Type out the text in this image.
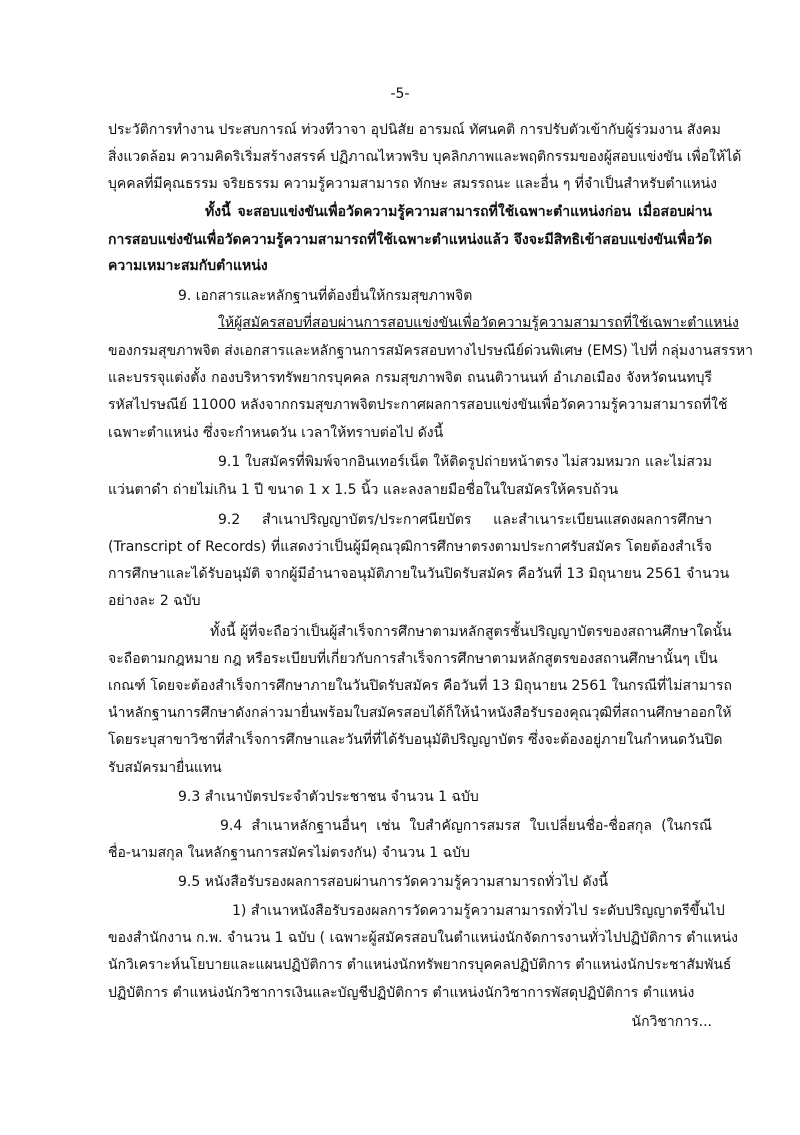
-5-
ประวัติการทำงาน ประสบการณ์ ท่วงทีวาจา อุปนิสัย อารมณ์ ทัศนคติ การปรับตัวเข้ากับผู้ร่วมงาน สังคม
สิ่งแวดล้อม ความคิดริเริ่มสร้างสรรค์ ปฏิภาณไหวพริบ บุคลิกภาพและพฤติกรรมของผู้สอบแข่งขัน เพื่อให้ได้
บุคคลที่มีคุณธรรม จริยธรรม ความรู้ความสามารถ ทักษะ สมรรถนะ และอื่น ๆ ที่จำเป็นสำหรับตำแหน่ง
ทั้งนี้ จะสอบแข่งขันเพื่อวัดความรู้ความสามารถที่ใช้เฉพาะตำแหน่งก่อน เมื่อสอบผ่าน
การสอบแข่งขันเพื่อวัดความรู้ความสามารถที่ใช้เฉพาะตำแหน่งแล้ว จึงจะมีสิทธิเข้าสอบแข่งขันเพื่อวัด
ความเหมาะสมกับตำแหน่ง
9. เอกสารและหลักฐานที่ต้องยื่นให้กรมสุขภาพจิต
ให้ผู้สมัครสอบที่สอบผ่านการสอบแข่งขันเพื่อวัดความรู้ความสามารถที่ใช้เฉพาะตำแหน่ง
ของกรมสุขภาพจิต ส่งเอกสารและหลักฐานการสมัครสอบทางไปรษณีย์ด่วนพิเศษ (EMS) ไปที่ กลุ่มงานสรรหา
และบรรจุแต่งตั้ง กองบริหารทรัพยากรบุคคล กรมสุขภาพจิต ถนนติวานนท์ อำเภอเมือง จังหวัดนนทบุรี
รหัสไปรษณีย์ 11000 หลังจากกรมสุขภาพจิตประกาศผลการสอบแข่งขันเพื่อวัดความรู้ความสามารถที่ใช้
เฉพาะตำแหน่ง ซึ่งจะกำหนดวัน เวลาให้ทราบต่อไป ดังนี้
9.1 ใบสมัครที่พิมพ์จากอินเทอร์เน็ต ให้ติดรูปถ่ายหน้าตรง ไม่สวมหมวก และไม่สวม
แว่นตาดำ ถ่ายไม่เกิน 1 ปี ขนาด 1 x 1.5 นิ้ว และลงลายมือชื่อในใบสมัครให้ครบถ้วน
9.2 สำเนาปริญญาบัตร/ประกาศนียบัตร และสำเนาระเบียนแสดงผลการศึกษา
(Transcript of Records) ที่แสดงว่าเป็นผู้มีคุณวุฒิการศึกษาตรงตามประกาศรับสมัคร โดยต้องสำเร็จ
การศึกษาและได้รับอนุมัติ จากผู้มีอำนาจอนุมัติภายในวันปิดรับสมัคร คือวันที่ 13 มิถุนายน 2561 จำนวน
อย่างละ 2 ฉบับ
ทั้งนี้ ผู้ที่จะถือว่าเป็นผู้สำเร็จการศึกษาตามหลักสูตรชั้นปริญญาบัตรของสถานศึกษาใดนั้น
จะถือตามกฎหมาย กฎ หรือระเบียบที่เกี่ยวกับการสำเร็จการศึกษาตามหลักสูตรของสถานศึกษานั้นๆ เป็น
เกณฑ์ โดยจะต้องสำเร็จการศึกษาภายในวันปิดรับสมัคร คือวันที่ 13 มิถุนายน 2561 ในกรณีที่ไม่สามารถ
นำหลักฐานการศึกษาดังกล่าวมายื่นพร้อมใบสมัครสอบได้ก็ให้นำหนังสือรับรองคุณวุฒิที่สถานศึกษาออกให้
โดยระบุสาขาวิชาที่สำเร็จการศึกษาและวันที่ที่ได้รับอนุมัติปริญญาบัตร ซึ่งจะต้องอยู่ภายในกำหนดวันปิด
รับสมัครมายื่นแทน
9.3 สำเนาบัตรประจำตัวประชาชน จำนวน 1 ฉบับ
9.4 สำเนาหลักฐานอื่นๆ เช่น ใบสำคัญการสมรส ใบเปลี่ยนชื่อ-ชื่อสกุล (ในกรณี
ชื่อ-นามสกุล ในหลักฐานการสมัครไม่ตรงกัน) จำนวน 1 ฉบับ
9.5 หนังสือรับรองผลการสอบผ่านการวัดความรู้ความสามารถทั่วไป ดังนี้
1) สำเนาหนังสือรับรองผลการวัดความรู้ความสามารถทั่วไป ระดับปริญญาตรีขึ้นไป
ของสำนักงาน ก.พ. จำนวน 1 ฉบับ ( เฉพาะผู้สมัครสอบในตำแหน่งนักจัดการงานทั่วไปปฏิบัติการ ตำแหน่ง
นักวิเคราะห์นโยบายและแผนปฏิบัติการ ตำแหน่งนักทรัพยากรบุคคลปฏิบัติการ ตำแหน่งนักประชาสัมพันธ์
ปฏิบัติการ ตำแหน่งนักวิชาการเงินและบัญชีปฏิบัติการ ตำแหน่งนักวิชาการพัสดุปฏิบัติการ ตำแหน่ง
นักวิชาการ...
